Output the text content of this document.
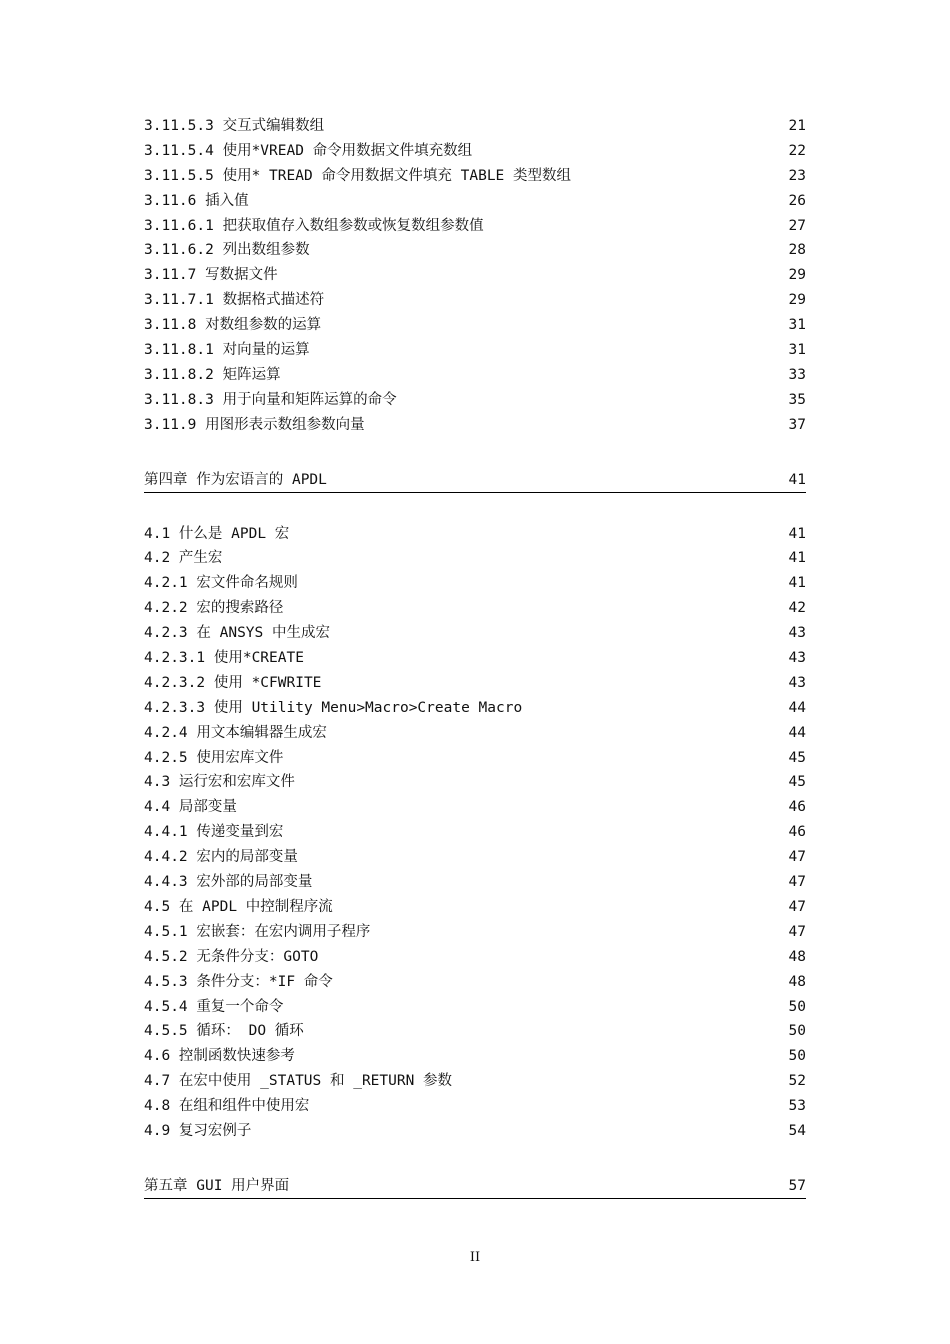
3.11.5.3 交互式编辑数组	21
3.11.5.4 使用*VREAD 命令用数据文件填充数组	22
3.11.5.5 使用* TREAD 命令用数据文件填充 TABLE 类型数组	23
3.11.6 插入值	26
3.11.6.1 把获取值存入数组参数或恢复数组参数值	27
3.11.6.2 列出数组参数	28
3.11.7 写数据文件	29
3.11.7.1 数据格式描述符	29
3.11.8 对数组参数的运算	31
3.11.8.1 对向量的运算	31
3.11.8.2 矩阵运算	33
3.11.8.3 用于向量和矩阵运算的命令	35
3.11.9 用图形表示数组参数向量	37
第四章 作为宏语言的 APDL	41
4.1 什么是 APDL 宏	41
4.2 产生宏	41
4.2.1 宏文件命名规则	41
4.2.2 宏的搜索路径	42
4.2.3 在 ANSYS 中生成宏	43
4.2.3.1 使用*CREATE	43
4.2.3.2 使用 *CFWRITE	43
4.2.3.3 使用 Utility Menu>Macro>Create Macro	44
4.2.4 用文本编辑器生成宏	44
4.2.5 使用宏库文件	45
4.3 运行宏和宏库文件	45
4.4 局部变量	46
4.4.1 传递变量到宏	46
4.4.2 宏内的局部变量	47
4.4.3 宏外部的局部变量	47
4.5 在 APDL 中控制程序流	47
4.5.1 宏嵌套：在宏内调用子程序	47
4.5.2 无条件分支：GOTO	48
4.5.3 条件分支：*IF 命令	48
4.5.4 重复一个命令	50
4.5.5 循环： DO 循环	50
4.6 控制函数快速参考	50
4.7 在宏中使用 _STATUS 和 _RETURN 参数	52
4.8 在组和组件中使用宏	53
4.9 复习宏例子	54
第五章 GUI 用户界面	57
II
